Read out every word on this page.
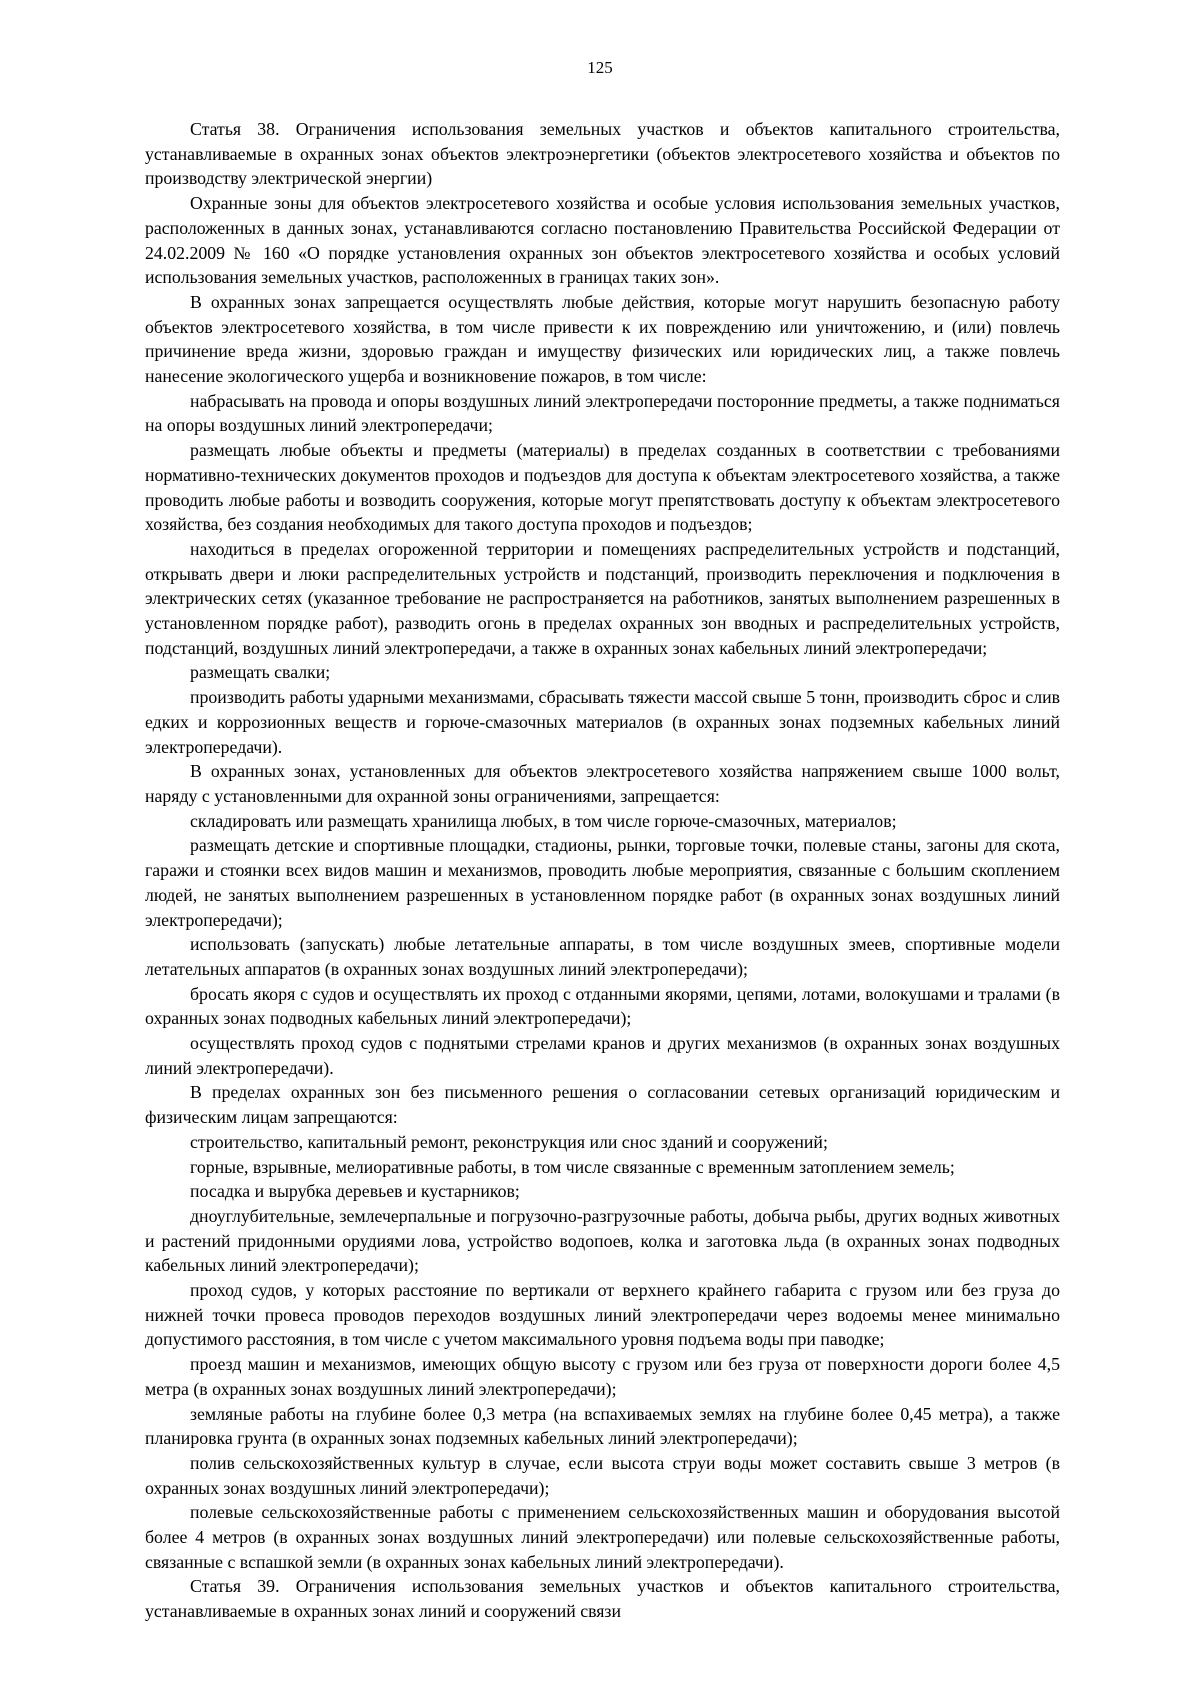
125

Статья 38. Ограничения использования земельных участков и объектов капитального строительства, устанавливаемые в охранных зонах объектов электроэнергетики (объектов электросетевого хозяйства и объектов по производству электрической энергии)

Охранные зоны для объектов электросетевого хозяйства и особые условия использования земельных участков, расположенных в данных зонах, устанавливаются согласно постановлению Правительства Российской Федерации от 24.02.2009 № 160 «О порядке установления охранных зон объектов электросетевого хозяйства и особых условий использования земельных участков, расположенных в границах таких зон».

В охранных зонах запрещается осуществлять любые действия, которые могут нарушить безопасную работу объектов электросетевого хозяйства, в том числе привести к их повреждению или уничтожению, и (или) повлечь причинение вреда жизни, здоровью граждан и имуществу физических или юридических лиц, а также повлечь нанесение экологического ущерба и возникновение пожаров, в том числе:

набрасывать на провода и опоры воздушных линий электропередачи посторонние предметы, а также подниматься на опоры воздушных линий электропередачи;

размещать любые объекты и предметы (материалы) в пределах созданных в соответствии с требованиями нормативно-технических документов проходов и подъездов для доступа к объектам электросетевого хозяйства, а также проводить любые работы и возводить сооружения, которые могут препятствовать доступу к объектам электросетевого хозяйства, без создания необходимых для такого доступа проходов и подъездов;

находиться в пределах огороженной территории и помещениях распределительных устройств и подстанций, открывать двери и люки распределительных устройств и подстанций, производить переключения и подключения в электрических сетях (указанное требование не распространяется на работников, занятых выполнением разрешенных в установленном порядке работ), разводить огонь в пределах охранных зон вводных и распределительных устройств, подстанций, воздушных линий электропередачи, а также в охранных зонах кабельных линий электропередачи;

размещать свалки;

производить работы ударными механизмами, сбрасывать тяжести массой свыше 5 тонн, производить сброс и слив едких и коррозионных веществ и горюче-смазочных материалов (в охранных зонах подземных кабельных линий электропередачи).

В охранных зонах, установленных для объектов электросетевого хозяйства напряжением свыше 1000 вольт, наряду с установленными для охранной зоны ограничениями, запрещается:

складировать или размещать хранилища любых, в том числе горюче-смазочных, материалов;

размещать детские и спортивные площадки, стадионы, рынки, торговые точки, полевые станы, загоны для скота, гаражи и стоянки всех видов машин и механизмов, проводить любые мероприятия, связанные с большим скоплением людей, не занятых выполнением разрешенных в установленном порядке работ (в охранных зонах воздушных линий электропередачи);

использовать (запускать) любые летательные аппараты, в том числе воздушных змеев, спортивные модели летательных аппаратов (в охранных зонах воздушных линий электропередачи);

бросать якоря с судов и осуществлять их проход с отданными якорями, цепями, лотами, волокушами и тралами (в охранных зонах подводных кабельных линий электропередачи);

осуществлять проход судов с поднятыми стрелами кранов и других механизмов (в охранных зонах воздушных линий электропередачи).

В пределах охранных зон без письменного решения о согласовании сетевых организаций юридическим и физическим лицам запрещаются:

строительство, капитальный ремонт, реконструкция или снос зданий и сооружений;

горные, взрывные, мелиоративные работы, в том числе связанные с временным затоплением земель;

посадка и вырубка деревьев и кустарников;

дноуглубительные, землечерпальные и погрузочно-разгрузочные работы, добыча рыбы, других водных животных и растений придонными орудиями лова, устройство водопоев, колка и заготовка льда (в охранных зонах подводных кабельных линий электропередачи);

проход судов, у которых расстояние по вертикали от верхнего крайнего габарита с грузом или без груза до нижней точки провеса проводов переходов воздушных линий электропередачи через водоемы менее минимально допустимого расстояния, в том числе с учетом максимального уровня подъема воды при паводке;

проезд машин и механизмов, имеющих общую высоту с грузом или без груза от поверхности дороги более 4,5 метра (в охранных зонах воздушных линий электропередачи);

земляные работы на глубине более 0,3 метра (на вспахиваемых землях на глубине более 0,45 метра), а также планировка грунта (в охранных зонах подземных кабельных линий электропередачи);

полив сельскохозяйственных культур в случае, если высота струи воды может составить свыше 3 метров (в охранных зонах воздушных линий электропередачи);

полевые сельскохозяйственные работы с применением сельскохозяйственных машин и оборудования высотой более 4 метров (в охранных зонах воздушных линий электропередачи) или полевые сельскохозяйственные работы, связанные с вспашкой земли (в охранных зонах кабельных линий электропередачи).

Статья 39. Ограничения использования земельных участков и объектов капитального строительства, устанавливаемые в охранных зонах линий и сооружений связи
